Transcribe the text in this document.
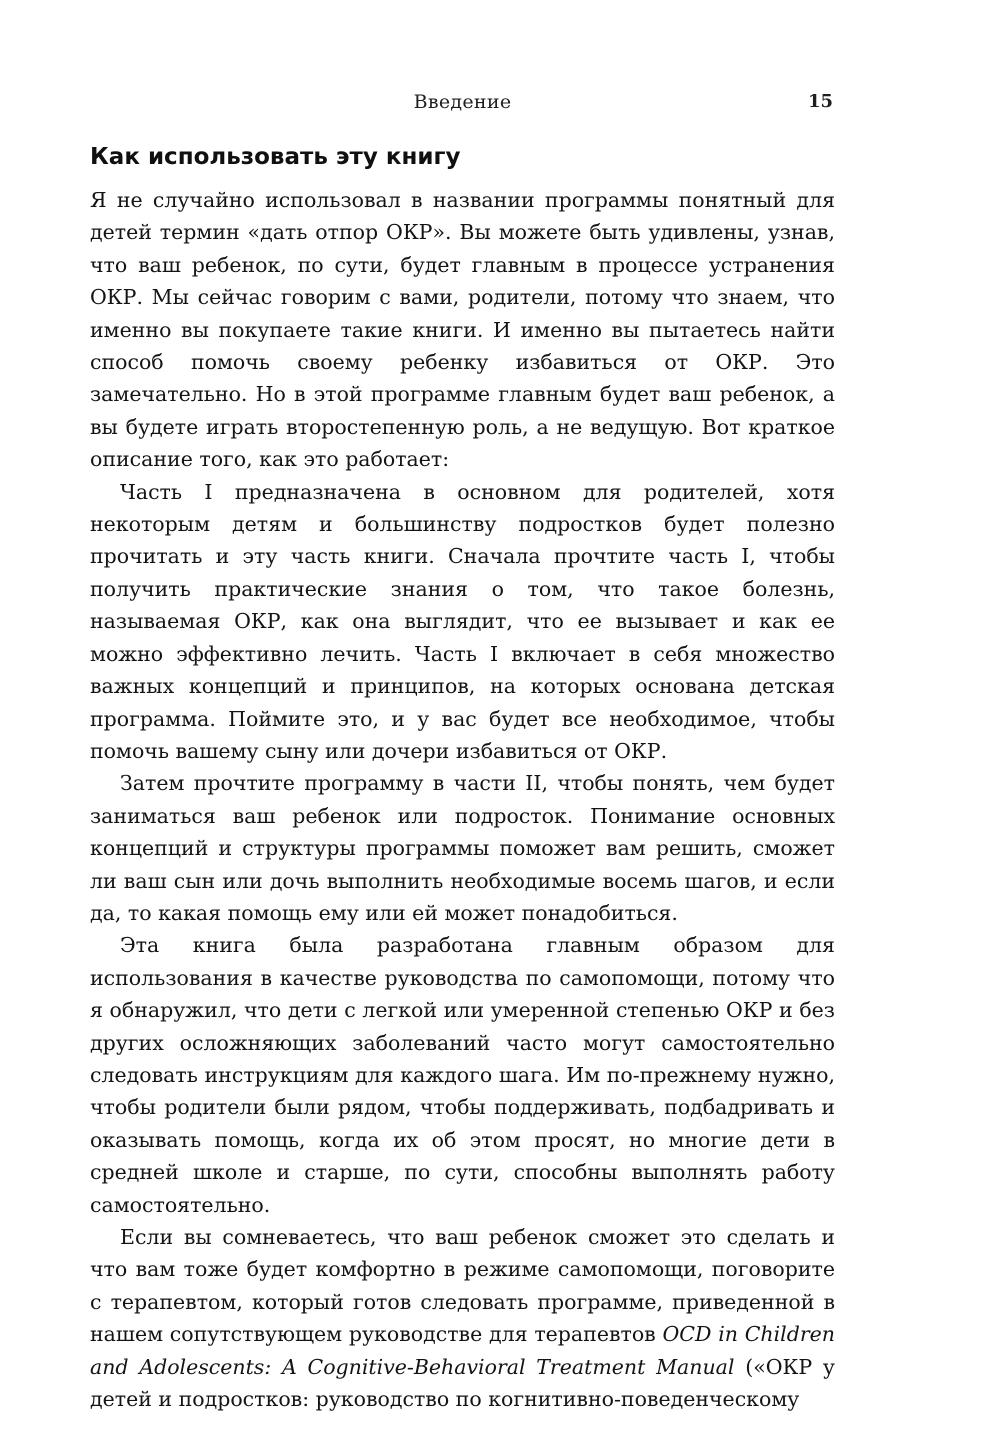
Введение	15
Как использовать эту книгу

Я не случайно использовал в названии программы понятный для детей термин «дать отпор ОКР». Вы можете быть удивлены, узнав, что ваш ребенок, по сути, будет главным в процессе устранения ОКР. Мы сейчас говорим с вами, родители, потому что знаем, что именно вы покупаете такие книги. И именно вы пытаетесь найти способ помочь своему ребенку избавиться от ОКР. Это замечательно. Но в этой программе главным будет ваш ребенок, а вы будете играть второстепенную роль, а не ведущую. Вот краткое описание того, как это работает:

Часть I предназначена в основном для родителей, хотя некоторым детям и большинству подростков будет полезно прочитать и эту часть книги. Сначала прочтите часть I, чтобы получить практические знания о том, что такое болезнь, называемая ОКР, как она выглядит, что ее вызывает и как ее можно эффективно лечить. Часть I включает в себя множество важных концепций и принципов, на которых основана детская программа. Поймите это, и у вас будет все необходимое, чтобы помочь вашему сыну или дочери избавиться от ОКР.

Затем прочтите программу в части II, чтобы понять, чем будет заниматься ваш ребенок или подросток. Понимание основных концепций и структуры программы поможет вам решить, сможет ли ваш сын или дочь выполнить необходимые восемь шагов, и если да, то какая помощь ему или ей может понадобиться.

Эта книга была разработана главным образом для использования в качестве руководства по самопомощи, потому что я обнаружил, что дети с легкой или умеренной степенью ОКР и без других осложняющих заболеваний часто могут самостоятельно следовать инструкциям для каждого шага. Им по-прежнему нужно, чтобы родители были рядом, чтобы поддерживать, подбадривать и оказывать помощь, когда их об этом просят, но многие дети в средней школе и старше, по сути, способны выполнять работу самостоятельно.

Если вы сомневаетесь, что ваш ребенок сможет это сделать и что вам тоже будет комфортно в режиме самопомощи, поговорите с терапевтом, который готов следовать программе, приведенной в нашем сопутствующем руководстве для терапевтов OCD in Children and Adolescents: A Cognitive-Behavioral Treatment Manual («ОКР у детей и подростков: руководство по когнитивно-поведенческому
